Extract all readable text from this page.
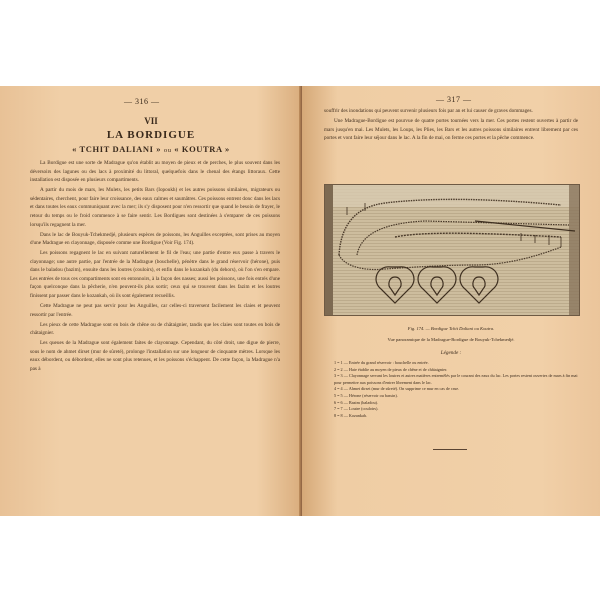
— 316 —
VII
LA BORDIGUE
« TCHIT DALIANI » ou « KOUTRA »

La Bordigue est une sorte de Madrague qu'on établit au moyen de pieux et de perches, le plus souvent dans les déversoirs des lagunes ou des lacs à proximité du littoral, quelquefois dans le chenal des étangs littoraux. Cette installation est disposée en plusieurs compartiments.

A partir du mois de mars, les Mulets, les petits Bars (Iopoukh) et les autres poissons similaires, migrateurs ou sédentaires, cherchent, pour faire leur croissance, des eaux calmes et saumâtres. Ces poissons entrent donc dans les lacs et dans toutes les eaux communiquant avec la mer; ils s'y disposent pour n'en ressortir que quand le besoin de frayer, le retour du temps ou le froid commence à se faire sentir. Les Bordigues sont destinées à s'emparer de ces poissons lorsqu'ils regagnent la mer.

Dans le lac de Bouyuk-Tchekmedjé, plusieurs espèces de poissons, les Anguilles exceptées, sont prises au moyen d'une Madrague en clayonnage, disposée comme une Bordigue (Voir Fig. 174).

Les poissons regagnent le lac en suivant naturellement le fil de l'eau; une partie d'entre eux passe à travers le clayonnage; une autre partie, par l'entrée de la Madrague (bouchelle), pénètre dans le grand réservoir (hérone), puis dans le baladou (bazim), ensuite dans les loutres (couloirs), et enfin dans le kozankah (du dehors), où l'on s'en empare. Les entrées de tous ces compartiments sont en entonnoirs, à la façon des nasses; aussi les poissons, une fois entrés d'une façon quelconque dans la pêcherie, n'en peuvent-ils plus sortir; ceux qui se trouvent dans les fazim et les loutres finissent par passer dans le kozankah, où ils sont également recueillis.

Cette Madrague ne peut pas servir pour les Anguilles, car celles-ci traversent facilement les claies et peuvent ressortir par l'entrée.

Les pieux de cette Madrague sont en bois de chêne ou de châtaignier, tandis que les claies sont toutes en bois de châtaignier.

Les queues de la Madrague sont également faites de clayonnage. Cependant, du côté droit, une digue de pierre, sous le nom de ahmet dirset (mur de sûreté), prolonge l'installation sur une longueur de cinquante mètres. Lorsque les eaux débordent, ou débordent, elles ne sont plus retenues, et les poissons s'échappent. De cette façon, la Madrague n'a pas à

— 317 —

souffrir des inondations qui peuvent survenir plusieurs fois par an et lui causer de graves dommages.

Une Madrague-Bordigue est pourvue de quatre portes tournées vers la mer. Ces portes restent ouvertes à partir de mars jusqu'en mai. Les Mulets, les Loups, les Plies, les Bars et les autres poissons similaires entrent librement par ces portes et vont faire leur séjour dans le lac. A la fin de mai, on ferme ces portes et la pêche commence.

Fig. 174. — Bordigue Tchit Daliani ou Koutra.
Vue panoramique de la Madrague-Bordigue de Bouyuk-Tchekmedjé.
Légende :
1 = 1 — Entrée du grand réservoir : bouchelle ou entrée.
2 = 2 — Haie établie au moyen de pieux de chêne et de châtaignier.
3 = 3 — Clayonnage servant les loutres et autres matières entremêlés par le courant des eaux du lac. Les portes restent ouvertes de mars à fin mai pour permettre aux poissons d'entrer librement dans le lac.
4 = 4 — Ahmet dirset (mur de sûreté). On supprime ce mur en cas de crue.
5 = 5 — Hérone (réservoir ou bassin).
6 = 6 — Bazim (baladou).
7 = 7 — Loutre (couloirs).
8 = 8 — Kozankah.
